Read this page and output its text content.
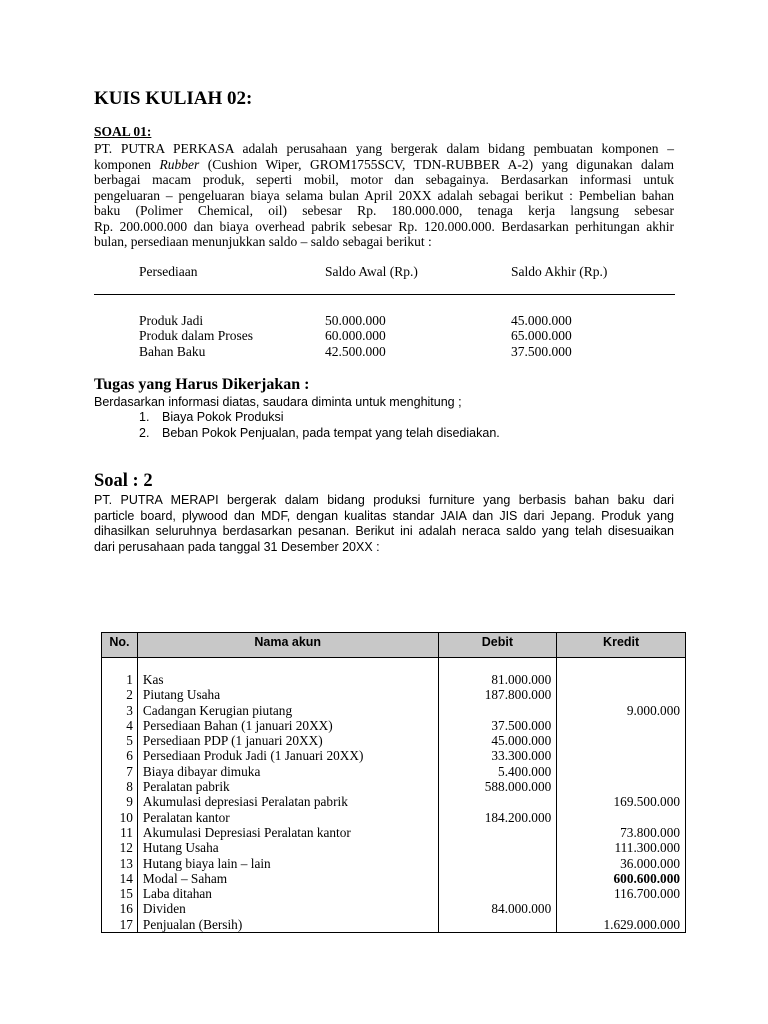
KUIS KULIAH 02:
SOAL 01:
PT. PUTRA PERKASA adalah perusahaan yang bergerak dalam bidang pembuatan komponen –
komponen Rubber (Cushion Wiper, GROM1755SCV, TDN-RUBBER A-2) yang digunakan dalam
berbagai macam produk, seperti mobil, motor dan sebagainya. Berdasarkan informasi untuk
pengeluaran – pengeluaran biaya selama bulan April 20XX adalah sebagai berikut : Pembelian bahan
baku (Polimer Chemical, oil) sebesar Rp. 180.000.000, tenaga kerja langsung sebesar
Rp. 200.000.000 dan biaya overhead pabrik sebesar Rp. 120.000.000. Berdasarkan perhitungan akhir
bulan, persediaan menunjukkan saldo – saldo sebagai berikut :
Persediaan	Saldo Awal (Rp.)	Saldo Akhir (Rp.)
Produk Jadi	50.000.000	45.000.000
Produk dalam Proses	60.000.000	65.000.000
Bahan Baku	42.500.000	37.500.000
Tugas yang Harus Dikerjakan :
Berdasarkan informasi diatas, saudara diminta untuk menghitung ;
1. Biaya Pokok Produksi
2. Beban Pokok Penjualan, pada tempat yang telah disediakan.
Soal : 2
PT. PUTRA MERAPI bergerak dalam bidang produksi furniture yang berbasis bahan baku dari
particle board, plywood dan MDF, dengan kualitas standar JAIA dan JIS dari Jepang. Produk yang
dihasilkan seluruhnya berdasarkan pesanan. Berikut ini adalah neraca saldo yang telah disesuaikan
dari perusahaan pada tanggal 31 Desember 20XX :
No.	Nama akun	Debit	Kredit

1	Kas	81.000.000	
2	Piutang Usaha	187.800.000	
3	Cadangan Kerugian piutang		9.000.000
4	Persediaan Bahan (1 januari 20XX)	37.500.000	
5	Persediaan PDP (1 januari 20XX)	45.000.000	
6	Persediaan Produk Jadi (1 Januari 20XX)	33.300.000	
7	Biaya dibayar dimuka	5.400.000	
8	Peralatan pabrik	588.000.000	
9	Akumulasi depresiasi Peralatan pabrik		169.500.000
10	Peralatan kantor	184.200.000	
11	Akumulasi Depresiasi Peralatan kantor		73.800.000
12	Hutang Usaha		111.300.000
13	Hutang biaya lain – lain		36.000.000
14	Modal – Saham		600.600.000
15	Laba ditahan		116.700.000
16	Dividen	84.000.000	
17	Penjualan (Bersih)		1.629.000.000
